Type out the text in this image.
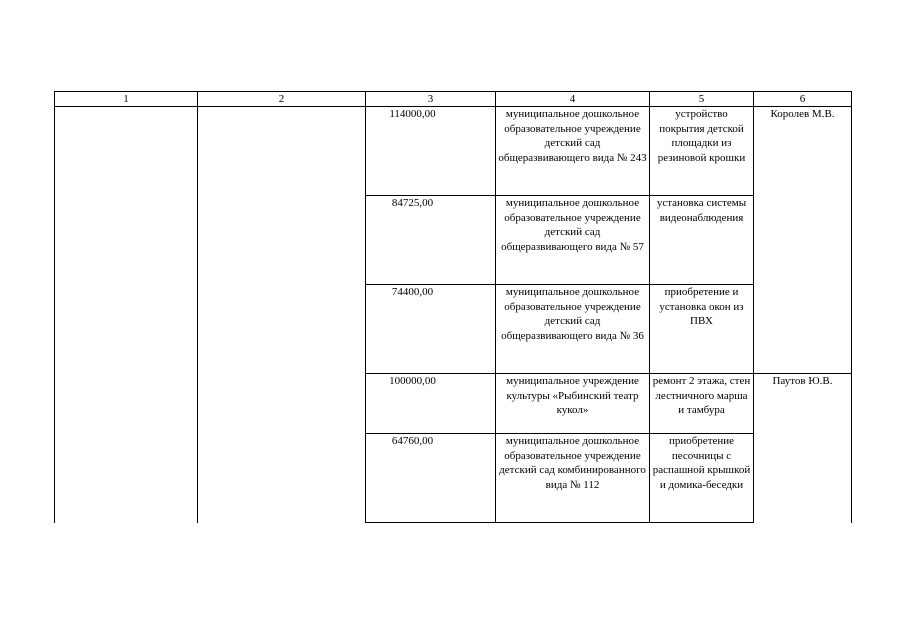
1	2	3	4	5	6
		114000,00	муниципальное дошкольное образовательное учреждение детский сад общеразвивающего вида № 243	устройство покрытия детской площадки из резиновой крошки	Королев М.В.
		84725,00	муниципальное дошкольное образовательное учреждение детский сад общеразвивающего вида № 57	установка системы видеонаблюдения	
		74400,00	муниципальное дошкольное образовательное учреждение детский сад общеразвивающего вида № 36	приобретение и установка окон из ПВХ	
		100000,00	муниципальное учреждение культуры «Рыбинский театр кукол»	ремонт 2 этажа, стен лестничного марша и тамбура	Паутов Ю.В.
		64760,00	муниципальное дошкольное образовательное учреждение детский сад комбинированного вида № 112	приобретение песочницы с распашной крышкой и домика-беседки	
